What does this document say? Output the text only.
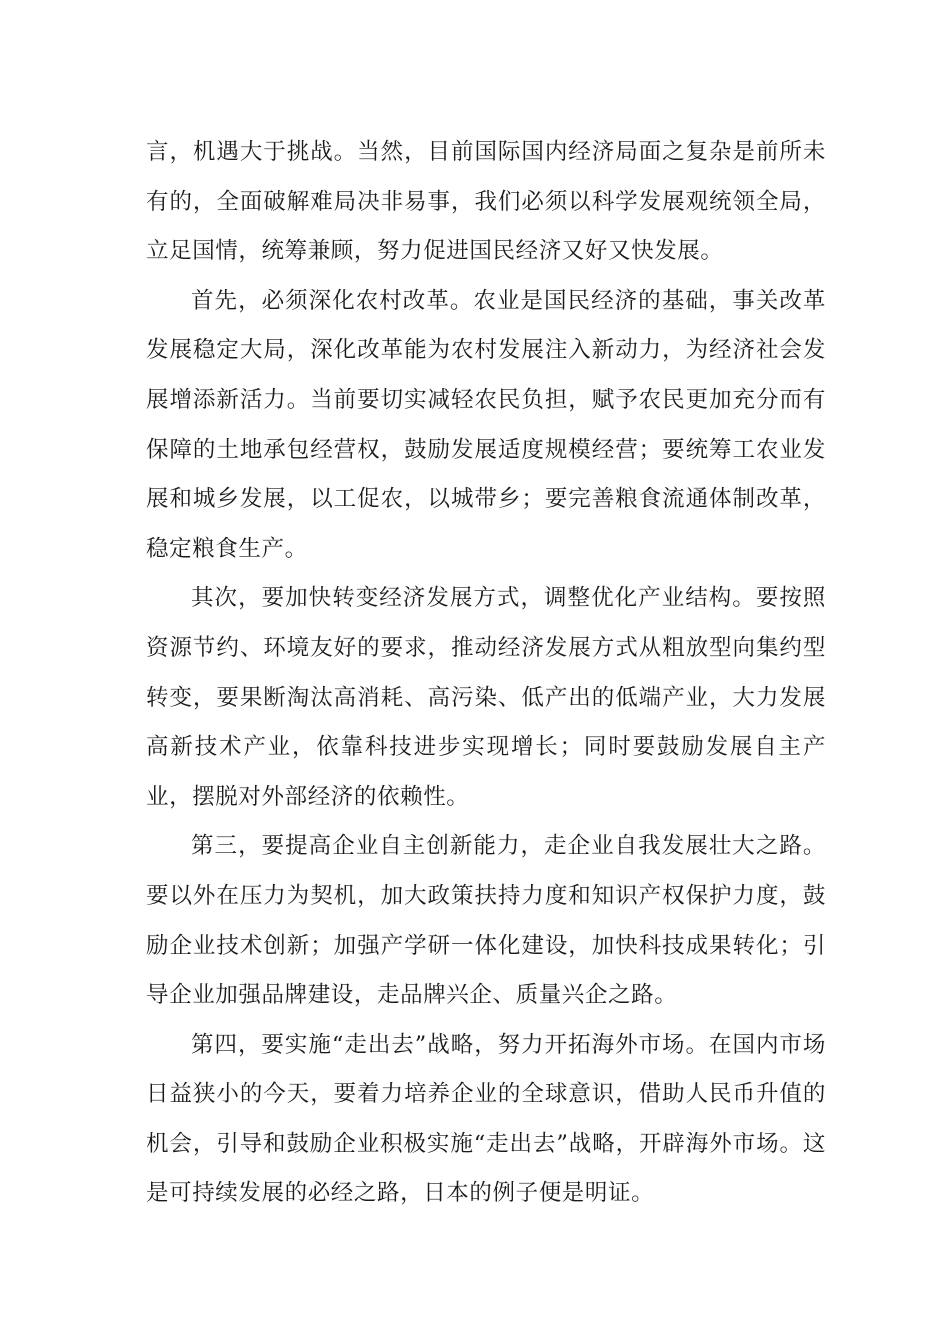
言，机遇大于挑战。当然，目前国际国内经济局面之复杂是前所未有的，全面破解难局决非易事，我们必须以科学发展观统领全局，立足国情，统筹兼顾，努力促进国民经济又好又快发展。

首先，必须深化农村改革。农业是国民经济的基础，事关改革发展稳定大局，深化改革能为农村发展注入新动力，为经济社会发展增添新活力。当前要切实减轻农民负担，赋予农民更加充分而有保障的土地承包经营权，鼓励发展适度规模经营；要统筹工农业发展和城乡发展，以工促农，以城带乡；要完善粮食流通体制改革，稳定粮食生产。

其次，要加快转变经济发展方式，调整优化产业结构。要按照资源节约、环境友好的要求，推动经济发展方式从粗放型向集约型转变，要果断淘汰高消耗、高污染、低产出的低端产业，大力发展高新技术产业，依靠科技进步实现增长；同时要鼓励发展自主产业，摆脱对外部经济的依赖性。

第三，要提高企业自主创新能力，走企业自我发展壮大之路。要以外在压力为契机，加大政策扶持力度和知识产权保护力度，鼓励企业技术创新；加强产学研一体化建设，加快科技成果转化；引导企业加强品牌建设，走品牌兴企、质量兴企之路。

第四，要实施“走出去”战略，努力开拓海外市场。在国内市场日益狭小的今天，要着力培养企业的全球意识，借助人民币升值的机会，引导和鼓励企业积极实施“走出去”战略，开辟海外市场。这是可持续发展的必经之路，日本的例子便是明证。
